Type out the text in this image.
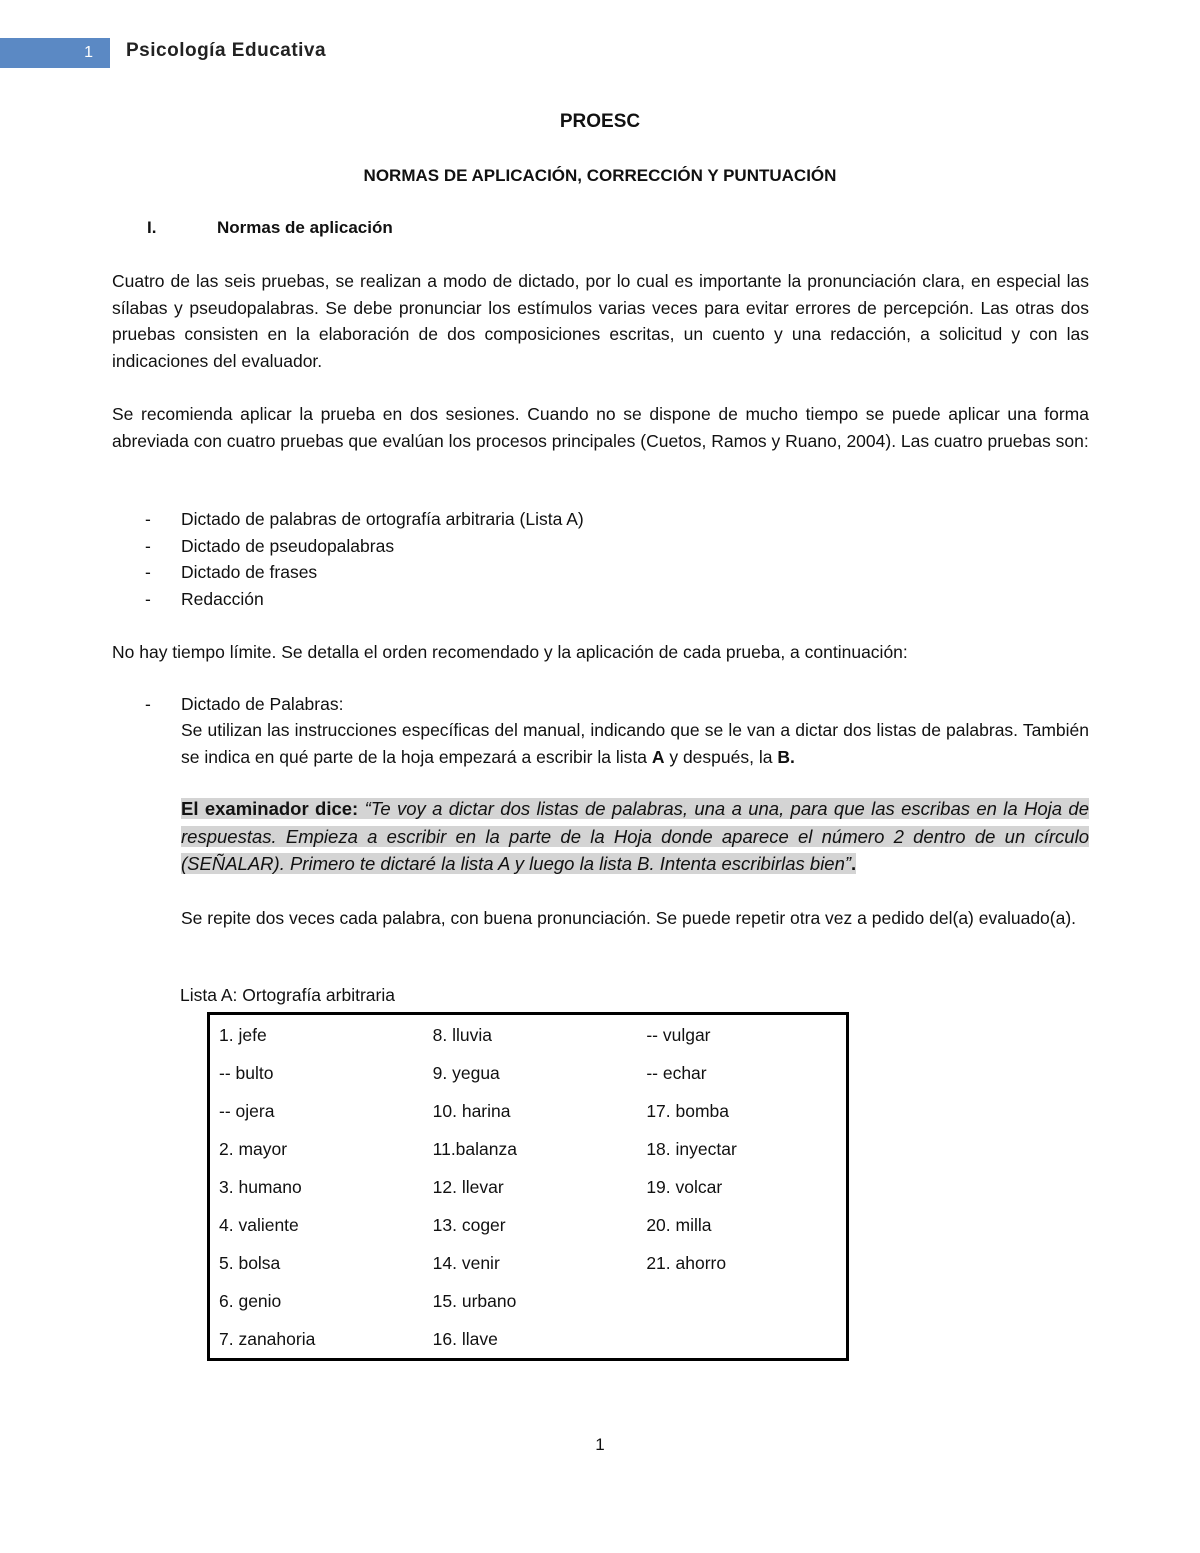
1	Psicología Educativa
PROESC
NORMAS DE APLICACIÓN, CORRECCIÓN Y PUNTUACIÓN
I.	Normas de aplicación

Cuatro de las seis pruebas, se realizan a modo de dictado, por lo cual es importante la pronunciación clara, en especial las sílabas y pseudopalabras. Se debe pronunciar los estímulos varias veces para evitar errores de percepción. Las otras dos pruebas consisten en la elaboración de dos composiciones escritas, un cuento y una redacción, a solicitud y con las indicaciones del evaluador.

Se recomienda aplicar la prueba en dos sesiones. Cuando no se dispone de mucho tiempo se puede aplicar una forma abreviada con cuatro pruebas que evalúan los procesos principales (Cuetos, Ramos y Ruano, 2004). Las cuatro pruebas son:

-	Dictado de palabras de ortografía arbitraria (Lista A)
-	Dictado de pseudopalabras
-	Dictado de frases
-	Redacción

No hay tiempo límite. Se detalla el orden recomendado y la aplicación de cada prueba, a continuación:

-	Dictado de Palabras:
Se utilizan las instrucciones específicas del manual, indicando que se le van a dictar dos listas de palabras. También se indica en qué parte de la hoja empezará a escribir la lista A y después, la B.
El examinador dice: “Te voy a dictar dos listas de palabras, una a una, para que las escribas en la Hoja de respuestas. Empieza a escribir en la parte de la Hoja donde aparece el número 2 dentro de un círculo (SEÑALAR). Primero te dictaré la lista A y luego la lista B. Intenta escribirlas bien”.
Se repite dos veces cada palabra, con buena pronunciación. Se puede repetir otra vez a pedido del(a) evaluado(a).
Lista A: Ortografía arbitraria
1. jefe	8. lluvia	-- vulgar
-- bulto	9. yegua	-- echar
-- ojera	10. harina	17. bomba
2. mayor	11.balanza	18. inyectar
3. humano	12. llevar	19. volcar
4. valiente	13. coger	20. milla
5. bolsa	14. venir	21. ahorro
6. genio	15. urbano	
7. zanahoria	16. llave	
1
